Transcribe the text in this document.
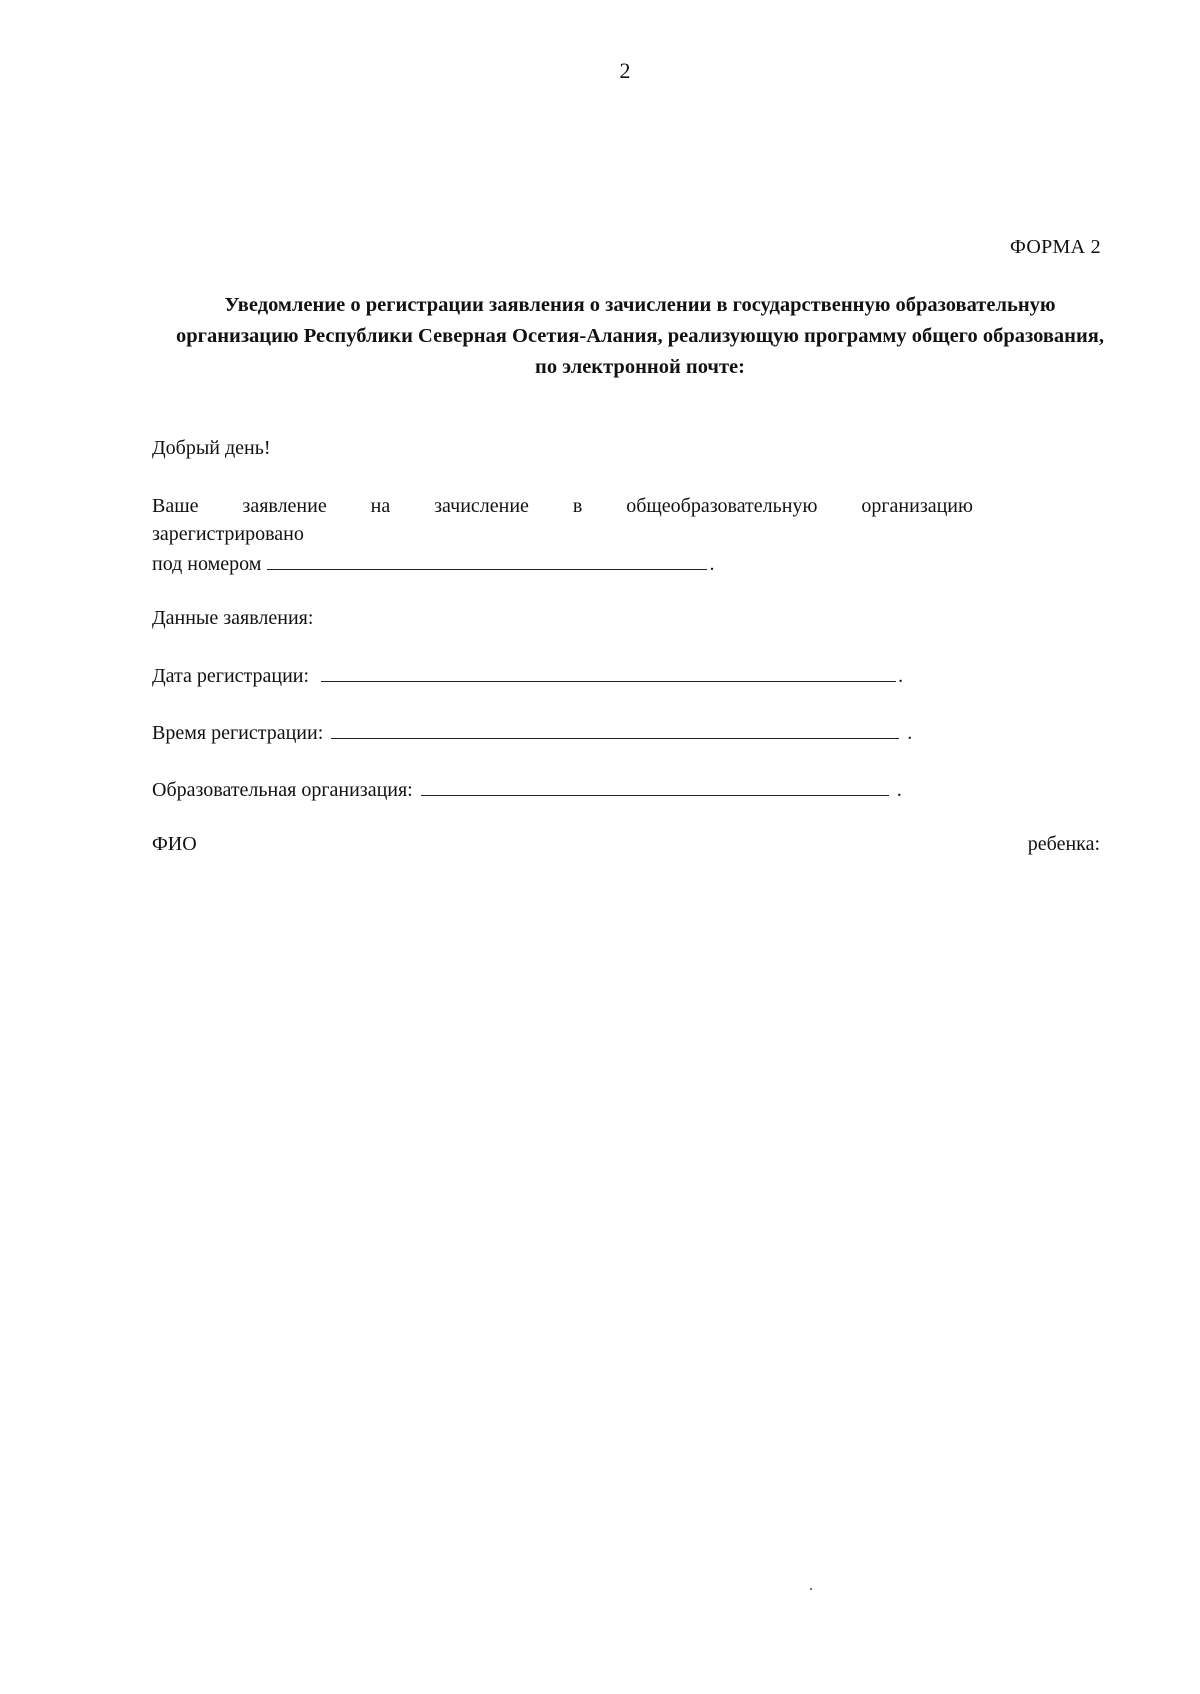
2
ФОРМА 2
Уведомление о регистрации заявления о зачислении в государственную образовательную организацию Республики Северная Осетия-Алания, реализующую программу общего образования, по электронной почте:
Добрый день!
Ваше заявление на зачисление в общеобразовательную организацию
зарегистрировано
под номером	.
Данные заявления:
Дата регистрации:	.
Время регистрации:	.
Образовательная организация:	.
ФИО	ребенка:
